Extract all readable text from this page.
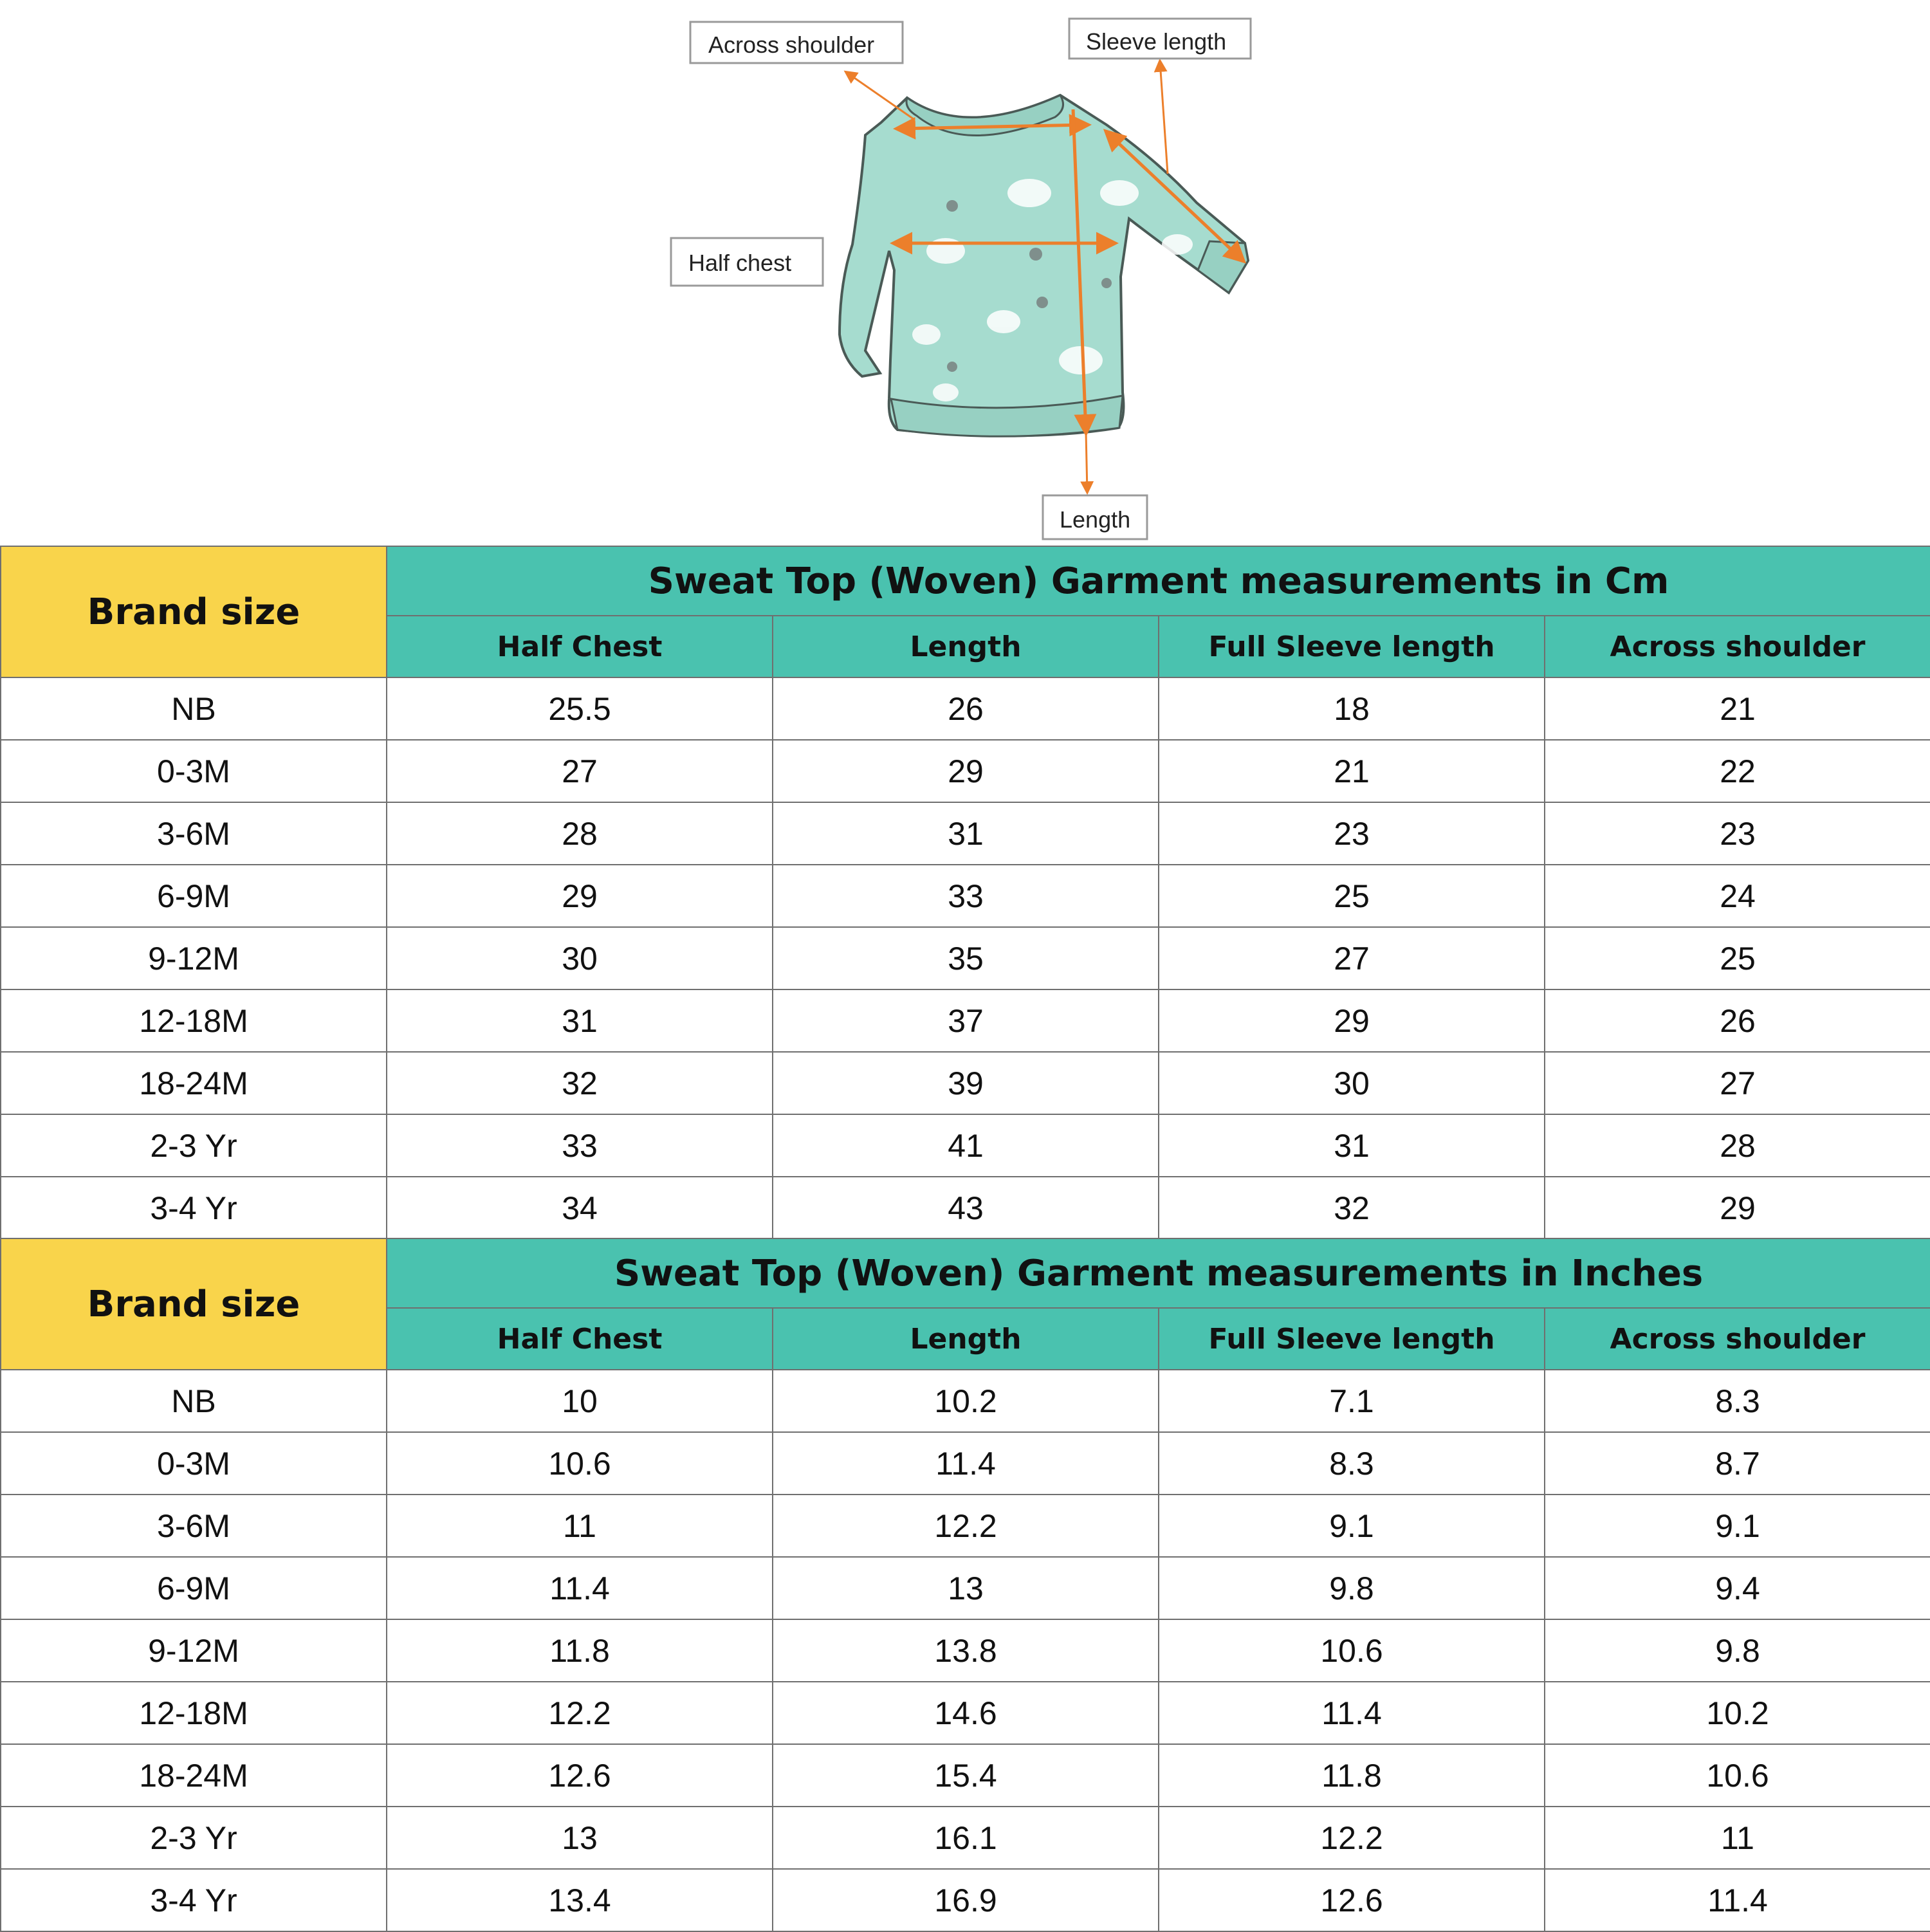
Across shoulder	Sleeve length
Half chest
Length
Brand size	Sweat Top (Woven) Garment measurements in Cm			
	Half Chest	Length	Full Sleeve length	Across shoulder
NB	25.5	26	18	21
0-3M	27	29	21	22
3-6M	28	31	23	23
6-9M	29	33	25	24
9-12M	30	35	27	25
12-18M	31	37	29	26
18-24M	32	39	30	27
2-3 Yr	33	41	31	28
3-4 Yr	34	43	32	29
Brand size	Sweat Top (Woven) Garment measurements in Inches			
	Half Chest	Length	Full Sleeve length	Across shoulder
NB	10	10.2	7.1	8.3
0-3M	10.6	11.4	8.3	8.7
3-6M	11	12.2	9.1	9.1
6-9M	11.4	13	9.8	9.4
9-12M	11.8	13.8	10.6	9.8
12-18M	12.2	14.6	11.4	10.2
18-24M	12.6	15.4	11.8	10.6
2-3 Yr	13	16.1	12.2	11
3-4 Yr	13.4	16.9	12.6	11.4
